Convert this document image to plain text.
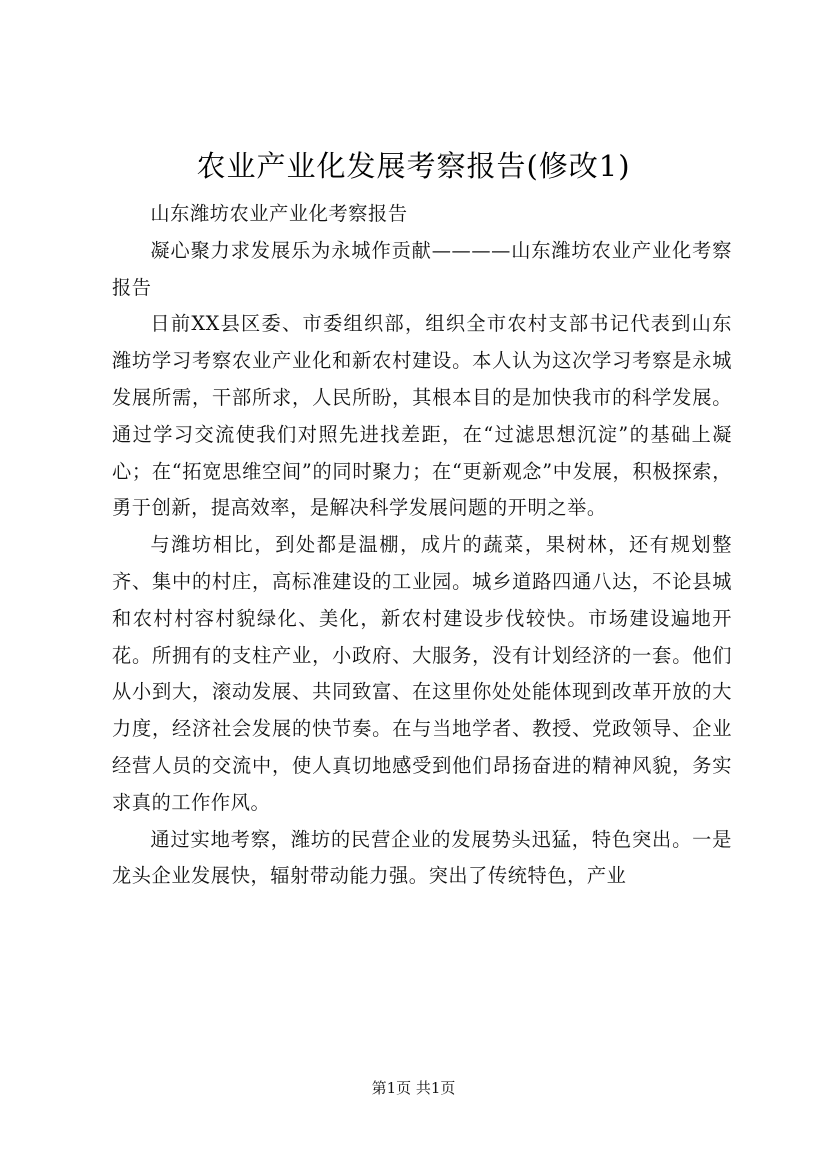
农业产业化发展考察报告(修改1)

山东潍坊农业产业化考察报告

凝心聚力求发展乐为永城作贡献————山东潍坊农业产业化考察报告

日前XX县区委、市委组织部，组织全市农村支部书记代表到山东潍坊学习考察农业产业化和新农村建设。本人认为这次学习考察是永城发展所需，干部所求，人民所盼，其根本目的是加快我市的科学发展。通过学习交流使我们对照先进找差距，在“过滤思想沉淀”的基础上凝心；在“拓宽思维空间”的同时聚力；在“更新观念”中发展，积极探索，勇于创新，提高效率，是解决科学发展问题的开明之举。

与潍坊相比，到处都是温棚，成片的蔬菜，果树林，还有规划整齐、集中的村庄，高标准建设的工业园。城乡道路四通八达，不论县城和农村村容村貌绿化、美化，新农村建设步伐较快。市场建设遍地开花。所拥有的支柱产业，小政府、大服务，没有计划经济的一套。他们从小到大，滚动发展、共同致富、在这里你处处能体现到改革开放的大力度，经济社会发展的快节奏。在与当地学者、教授、党政领导、企业经营人员的交流中，使人真切地感受到他们昂扬奋进的精神风貌，务实求真的工作作风。

通过实地考察，潍坊的民营企业的发展势头迅猛，特色突出。一是龙头企业发展快，辐射带动能力强。突出了传统特色，产业

第1页 共1页
